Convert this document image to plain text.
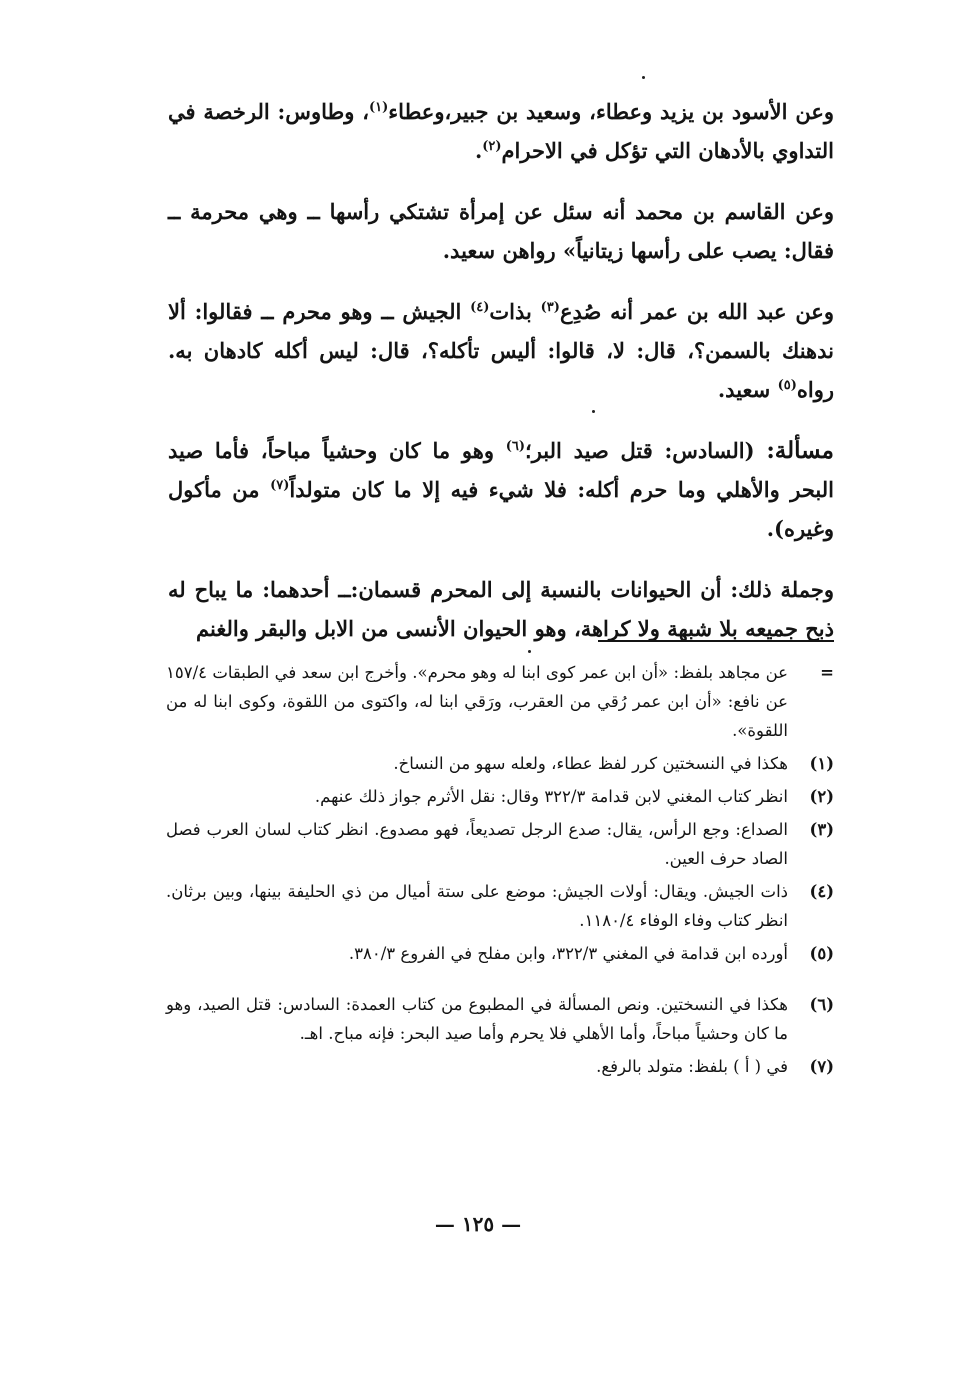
وعن الأسود بن يزيد وعطاء، وسعيد بن جبير،وعطاء$^{(١)}$، وطاوس: الرخصة في التداوي بالأدهان التي تؤكل في الاحرام$^{(٢)}$.

وعن القاسم بن محمد أنه سئل عن إمرأة تشتكي رأسها ــ وهي محرمة ــ فقال: يصب على رأسها زيتانياً» رواهن سعيد.

وعن عبد الله بن عمر أنه صُدِع$^{(٣)}$ بذات$^{(٤)}$ الجيش ــ وهو محرم ــ فقالوا: ألا ندهنك بالسمن؟، قال: لا، قالوا: أليس تأكله؟، قال: ليس أكله كادهان به. رواه$^{(٥)}$ سعيد.

مسألة: (السادس: قتل صيد البر؛$^{(٦)}$ وهو ما كان وحشياً مباحاً، فأما صيد البحر والأهلي وما حرم أكله: فلا شيء فيه إلا ما كان متولداً$^{(٧)}$ من مأكول وغيره).

وجملة ذلك: أن الحيوانات بالنسبة إلى المحرم قسمان:ــ أحدهما: ما يباح له ذبح جميعه بلا شبهة ولا كراهة، وهو الحيوان الأنسى من الابل والبقر والغنم

=
عن مجاهد بلفظ: «أن ابن عمر كوى ابنا له وهو محرم». وأخرج ابن سعد في الطبقات ١٥٧/٤ عن نافع: «أن ابن عمر رُقي من العقرب، ورَقي ابنا له، واكتوى من اللقوة، وكوى ابنا له من اللقوة».
(١)
هكذا في النسختين كرر لفظ عطاء، ولعله سهو من النساخ.
(٢)
انظر كتاب المغني لابن قدامة ٣٢٢/٣ وقال: نقل الأثرم جواز ذلك عنهم.
(٣)
الصداع: وجع الرأس، يقال: صدع الرجل تصديعاً، فهو مصدوع. انظر كتاب لسان العرب فصل الصاد حرف العين.
(٤)
ذات الجيش. ويقال: أولات الجيش: موضع على ستة أميال من ذي الحليفة بينها، وبين برثان. انظر كتاب وفاء الوفاء ١١٨٠/٤.
(٥)
أورده ابن قدامة في المغني ٣٢٢/٣، وابن مفلح في الفروع ٣٨٠/٣.
(٦)
هكذا في النسختين. ونص المسألة في المطبوع من كتاب العمدة: السادس: قتل الصيد، وهو ما كان وحشياً مباحاً، وأما الأهلي فلا يحرم وأما صيد البحر: فإنه مباح. اهـ.
(٧)
في ( أ ) بلفظ: متولد بالرفع.
— ١٢٥ —
